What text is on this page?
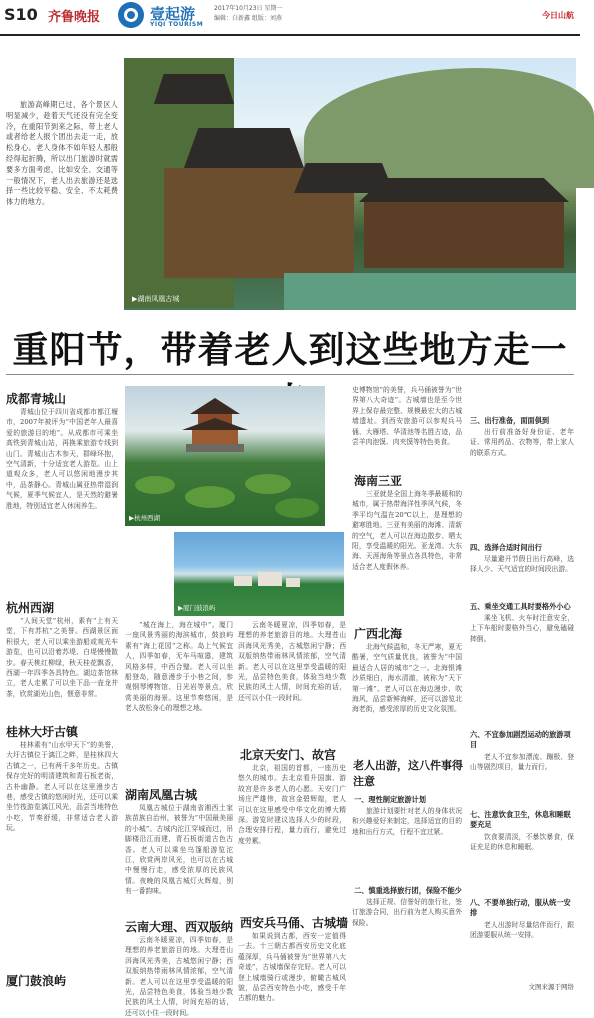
S10 齐鲁晚报	壹起游
YIQI TOURISM
2017年10月23日 星期一
编辑：白新鑫 组版：刘燕	今日山航
旅游高峰期已过，各个景区人明显减少，趁着天气还没有完全变冷，在重阳节到来之际，带上老人或者给老人报个团出去走一走，放松身心。老人身体不如年轻人那般经得起折腾，所以出门旅游时就需要多方面考虑，比如安全、交通等一般情况下，老人出去旅游还是选择一些比较平稳、安全、不太耗费体力的地方。
▶湖南凤凰古城
重阳节，带着老人到这些地方走一
成都青城山

青城山位于四川省成都市都江堰市，2007年被评为“中国老年人最喜爱的旅游目的地”。从成都市可乘坐高铁到青城山站，再换乘旅游专线到山门。青城山古木参天，群峰环抱，空气清新，十分适宜老人游览。山上道观众多，老人可以悠闲地漫步其中，品茶静心。青城山属亚热带湿润气候，夏季气候宜人，是天然的避暑胜地，特别适宜老人休闲养生。

杭州西湖

“人间天堂”杭州，素有“上有天堂，下有苏杭”之美誉。西湖景区面积很大，老人可以乘坐游船或观光车游览，也可以沿着苏堤、白堤慢慢散步。春天桃红柳绿，秋天桂花飘香，西湖一年四季各具特色。湖边茶馆林立，老人走累了可以坐下品一壶龙井茶，欣赏湖光山色，惬意非常。

桂林大圩古镇

桂林素有“山水甲天下”的美誉，大圩古镇位于漓江之畔，是桂林四大古镇之一，已有两千多年历史。古镇保存完好的明清建筑和青石板老街，古朴幽静。老人可以在这里漫步古巷，感受古镇的悠闲时光，还可以乘坐竹筏游览漓江风光，品尝当地特色小吃，节奏舒缓，非常适合老人游玩。

厦门鼓浪屿
▶杭州西湖
▶厦门鼓浪屿

“城在海上，海在城中”。厦门一座风景秀丽的海滨城市，鼓浪屿素有“海上花园”之称。岛上气候宜人，四季如春，无车马喧嚣，建筑风格多样，中西合璧。老人可以坐船登岛，随意漫步于小巷之间，参观钢琴博物馆、日光岩等景点，欣赏美丽的海景。这里节奏悠闲，是老人放松身心的理想之地。

湖南凤凰古城

凤凰古城位于湖南省湘西土家族苗族自治州，被誉为“中国最美丽的小城”。古城内沱江穿城而过，吊脚楼沿江而建，青石板街道古色古香。老人可以乘坐乌篷船游览沱江，欣赏两岸风光，也可以在古城中慢慢行走，感受浓厚的民族风情。夜晚的凤凰古城灯火辉煌，别有一番韵味。

云南大理、西双版纳

云南冬暖夏凉，四季如春，是理想的养老旅游目的地。大理苍山洱海风光秀美，古城悠闲宁静；西双版纳热带雨林风情浓郁，空气清新。老人可以在这里享受温暖的阳光，品尝特色美食，体验当地少数民族的风土人情，时间充裕的话，还可以小住一段时间。

云南冬暖夏凉，四季如春，是理想的养老旅游目的地。大理苍山洱海风光秀美，古城悠闲宁静；西双版纳热带雨林风情浓郁，空气清新。老人可以在这里享受温暖的阳光，品尝特色美食，体验当地少数民族的风土人情，时间充裕的话，还可以小住一段时间。

北京天安门、故宫

北京，祖国的首都，一座历史悠久的城市。去北京看升国旗、游故宫是许多老人的心愿。天安门广场庄严雄伟，故宫金碧辉煌，老人可以在这里感受中华文化的博大精深。游览时建议选择人少的时段，合理安排行程，量力而行，避免过度劳累。

西安兵马俑、古城墙

如果说到古都，西安一定值得一去。十三朝古都西安历史文化底蕴深厚，兵马俑被誉为“世界第八大奇迹”，古城墙保存完好。老人可以登上城墙骑行或漫步，俯瞰古城风貌，品尝西安特色小吃，感受千年古都的魅力。

史博物馆”的美誉，兵马俑被誉为“世界第八大奇迹”。古城墙也是至今世界上保存最完整、规模最宏大的古城墙遗址。到西安旅游可以参观兵马俑、大雁塔、华清池等名胜古迹，品尝羊肉泡馍、肉夹馍等特色美食。

海南三亚

三亚就是全国上海冬季最暖和的城市，属于热带海洋性季风气候，冬季平均气温在20℃以上，是理想的避寒胜地。三亚有美丽的海滩、清新的空气，老人可以在海边散步、晒太阳，享受温暖的阳光。亚龙湾、大东海、天涯海角等景点各具特色，非常适合老人度假休养。

广西北海

北海气候温和，冬无严寒，夏无酷暑，空气质量优良，被誉为“中国最适合人居的城市”之一。北海银滩沙质细白，海水清澈，被称为“天下第一滩”。老人可以在海边漫步、吹海风，品尝新鲜海鲜，还可以游览北海老街，感受浓厚的历史文化氛围。

老人出游，这八件事得注意
一、理性制定旅游计划

旅游计划要针对老人的身体状况和兴趣爱好来制定，选择适宜的目的地和出行方式，行程不宜过紧。

二、慎重选择旅行团，保险不能少

选择正规、信誉好的旅行社，签订旅游合同，出行前为老人购买意外保险。

三、出行准备，面面俱到

出行前准备好身份证、老年证、常用药品、衣物等，带上家人的联系方式。

四、选择合适时间出行

尽量避开节假日出行高峰，选择人少、天气适宜的时间段出游。

五、乘坐交通工具时要格外小心

乘坐飞机、火车时注意安全，上下车船时要格外当心，避免磕碰摔倒。

六、不宜参加剧烈运动的旅游项目

老人不宜参加漂流、蹦极、登山等剧烈项目，量力而行。

七、注意饮食卫生，休息和睡眠要充足

饮食要清淡，不暴饮暴食，保证充足的休息和睡眠。

八、不要单独行动，服从统一安排

老人出游时尽量结伴而行，跟团游要服从统一安排。

文图来源于网络
